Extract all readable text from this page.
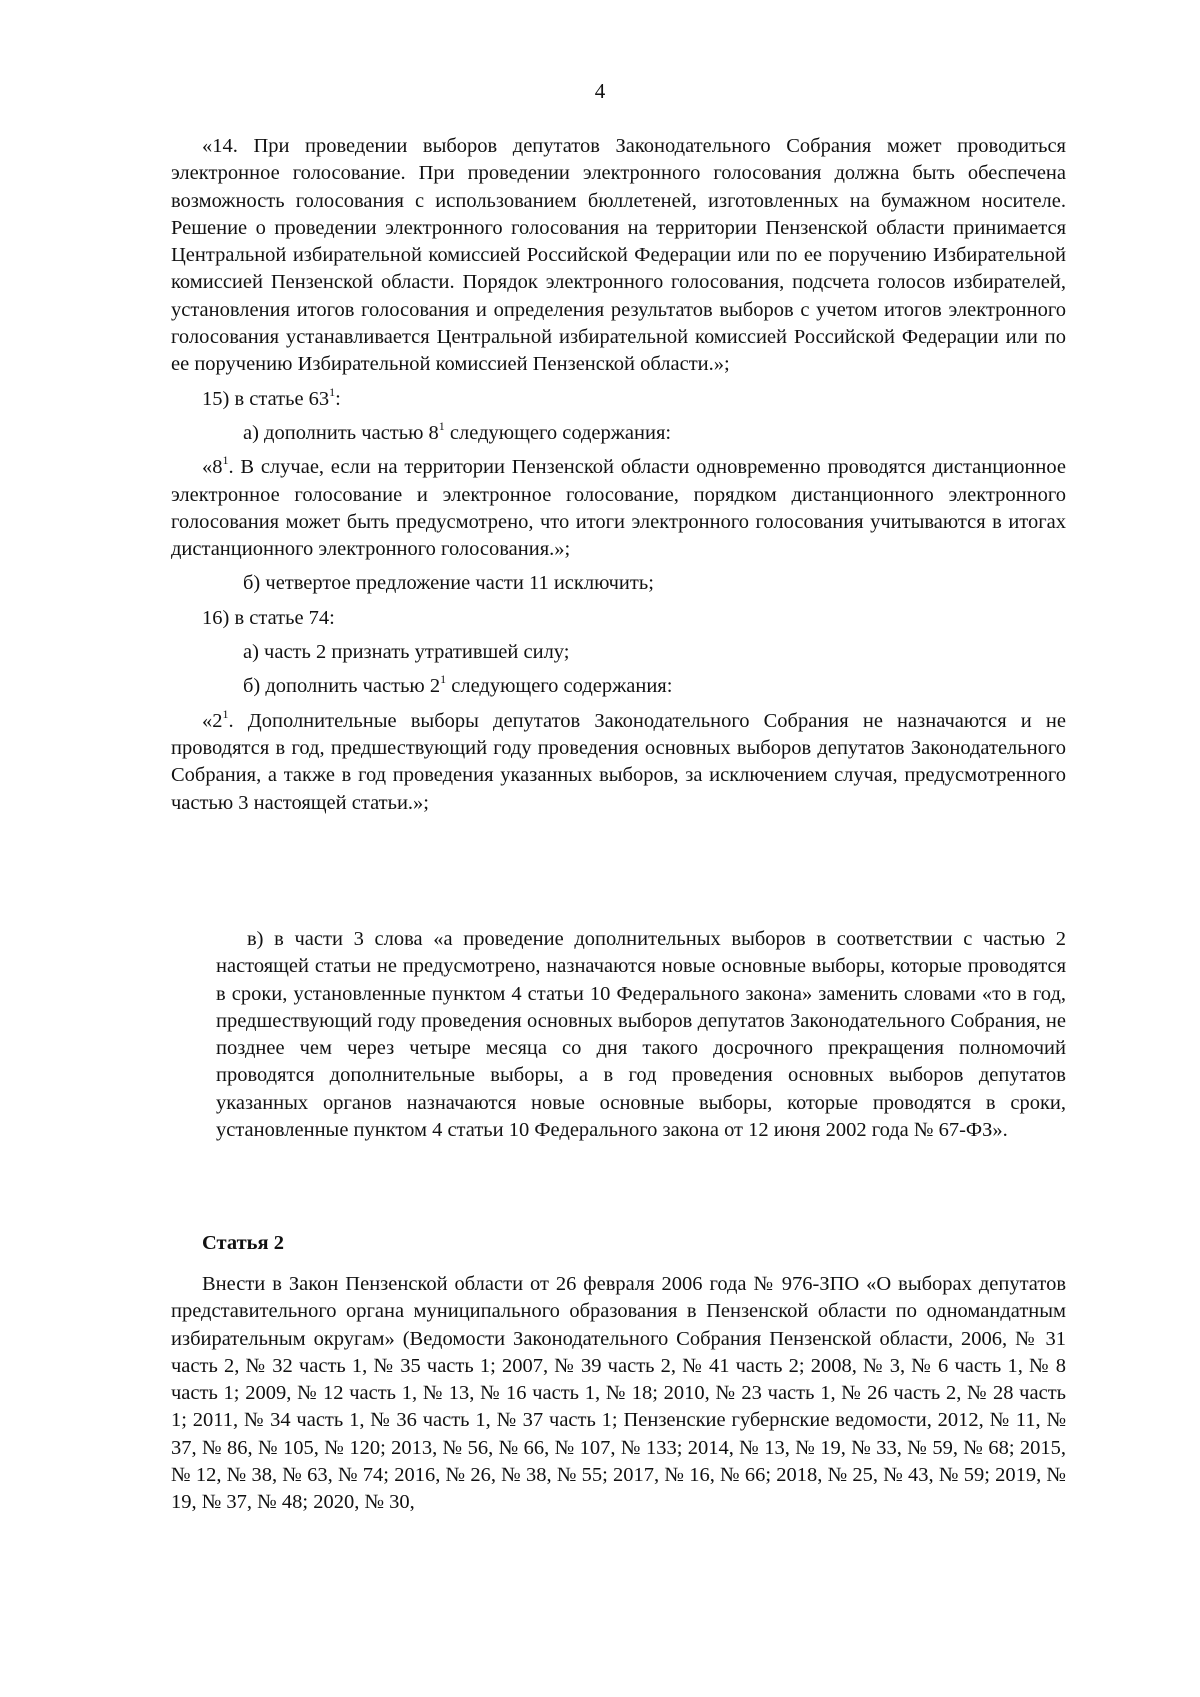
4

«14. При проведении выборов депутатов Законодательного Собрания может проводиться электронное голосование. При проведении электронного голосования должна быть обеспечена возможность голосования с использованием бюллетеней, изготовленных на бумажном носителе. Решение о проведении электронного голосования на территории Пензенской области принимается Центральной избирательной комиссией Российской Федерации или по ее поручению Избирательной комиссией Пензенской области. Порядок электронного голосования, подсчета голосов избирателей, установления итогов голосования и определения результатов выборов с учетом итогов электронного голосования устанавливается Центральной избирательной комиссией Российской Федерации или по ее поручению Избирательной комиссией Пензенской области.»;

15) в статье $63^1$:

а) дополнить частью $8^1$ следующего содержания:

«$8^1$. В случае, если на территории Пензенской области одновременно проводятся дистанционное электронное голосование и электронное голосование, порядком дистанционного электронного голосования может быть предусмотрено, что итоги электронного голосования учитываются в итогах дистанционного электронного голосования.»;

б) четвертое предложение части 11 исключить;

16) в статье 74:

а) часть 2 признать утратившей силу;

б) дополнить частью $2^1$ следующего содержания:

«$2^1$. Дополнительные выборы депутатов Законодательного Собрания не назначаются и не проводятся в год, предшествующий году проведения основных выборов депутатов Законодательного Собрания, а также в год проведения указанных выборов, за исключением случая, предусмотренного частью 3 настоящей статьи.»;

в) в части 3 слова «а проведение дополнительных выборов в соответствии с частью 2 настоящей статьи не предусмотрено, назначаются новые основные выборы, которые проводятся в сроки, установленные пунктом 4 статьи 10 Федерального закона» заменить словами «то в год, предшествующий году проведения основных выборов депутатов Законодательного Собрания, не позднее чем через четыре месяца со дня такого досрочного прекращения полномочий проводятся дополнительные выборы, а в год проведения основных выборов депутатов указанных органов назначаются новые основные выборы, которые проводятся в сроки, установленные пунктом 4 статьи 10 Федерального закона от 12 июня 2002 года № 67-ФЗ».

Статья 2

Внести в Закон Пензенской области от 26 февраля 2006 года № 976-ЗПО «О выборах депутатов представительного органа муниципального образования в Пензенской области по одномандатным избирательным округам» (Ведомости Законодательного Собрания Пензенской области, 2006, № 31 часть 2, № 32 часть 1, № 35 часть 1; 2007, № 39 часть 2, № 41 часть 2; 2008, № 3, № 6 часть 1, № 8 часть 1; 2009, № 12 часть 1, № 13, № 16 часть 1, № 18; 2010, № 23 часть 1, № 26 часть 2, № 28 часть 1; 2011, № 34 часть 1, № 36 часть 1, № 37 часть 1; Пензенские губернские ведомости, 2012, № 11, № 37, № 86, № 105, № 120; 2013, № 56, № 66, № 107, № 133; 2014, № 13, № 19, № 33, № 59, № 68; 2015, № 12, № 38, № 63, № 74; 2016, № 26, № 38, № 55; 2017, № 16, № 66; 2018, № 25, № 43, № 59; 2019, № 19, № 37, № 48; 2020, № 30,
